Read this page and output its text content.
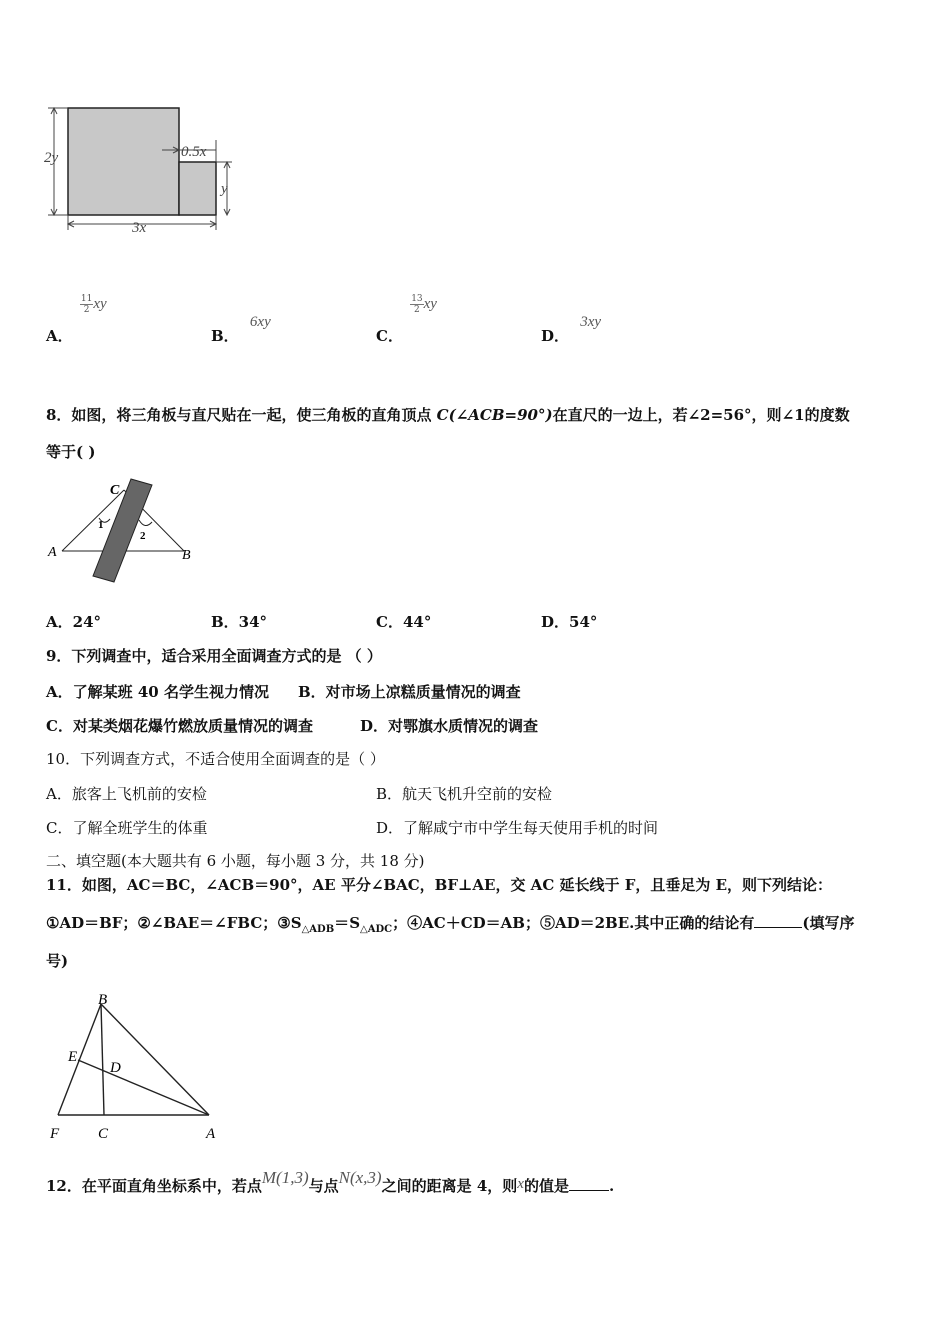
2y	0.5x
y
3x
A．
$\frac{11}{2}$ xy
B． 6xy
C．
$\frac{13}{2}$ xy
D． 3xy
8．如图，将三角板与直尺贴在一起，使三角板的直角顶点 C(∠ACB=90°)在直尺的一边上，若∠2=56°，则∠1的度数
等于( )
C
A	B
1
2
A．24°	B．34°	C．44°	D．54°
9．下列调查中，适合采用全面调查方式的是 （ ）
A．了解某班 40 名学生视力情况 B．对市场上凉糕质量情况的调查
C．对某类烟花爆竹燃放质量情况的调查	D．对鄂旗水质情况的调查
10．下列调查方式，不适合使用全面调查的是（ ）
A．旅客上飞机前的安检	B．航天飞机升空前的安检
C．了解全班学生的体重	D．了解咸宁市中学生每天使用手机的时间
二、填空题(本大题共有 6 小题，每小题 3 分，共 18 分)
11．如图，AC＝BC，∠ACB＝90°，AE 平分∠BAC，BF⊥AE，交 AC 延长线于 F，且垂足为 E，则下列结论：
①AD＝BF；②∠BAE＝∠FBC；$③S_{\triangle ADB}=S_{\triangle ADC}$；④AC＋CD＝AB；⑤AD＝2BE.其中正确的结论有	(填写序
号)
B
E
D
F	C	A
12．在平面直角坐标系中，若点M(1,3)与点N(x,3)之间的距离是 4，则x的值是	.
